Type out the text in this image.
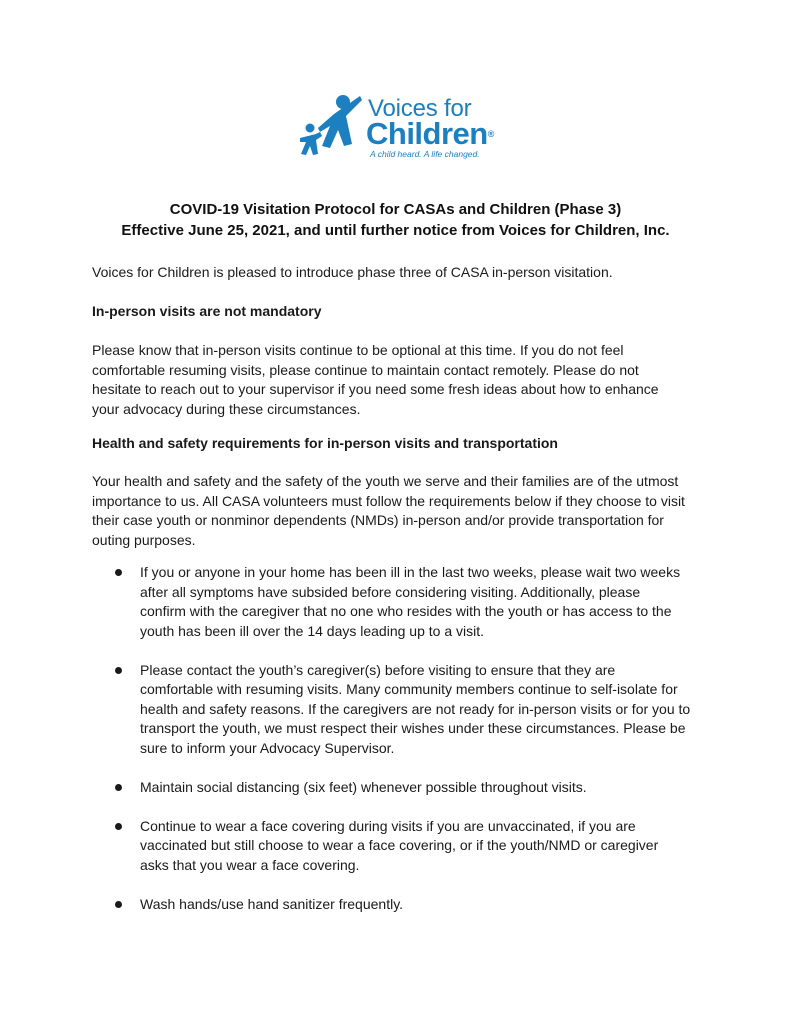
Voices for
Children®
A child heard. A life changed.
COVID-19 Visitation Protocol for CASAs and Children (Phase 3)
Effective June 25, 2021, and until further notice from Voices for Children, Inc.
Voices for Children is pleased to introduce phase three of CASA in-person visitation.
In-person visits are not mandatory
Please know that in-person visits continue to be optional at this time. If you do not feel
comfortable resuming visits, please continue to maintain contact remotely. Please do not
hesitate to reach out to your supervisor if you need some fresh ideas about how to enhance
your advocacy during these circumstances.
Health and safety requirements for in-person visits and transportation
Your health and safety and the safety of the youth we serve and their families are of the utmost
importance to us. All CASA volunteers must follow the requirements below if they choose to visit
their case youth or nonminor dependents (NMDs) in-person and/or provide transportation for
outing purposes.
If you or anyone in your home has been ill in the last two weeks, please wait two weeks
after all symptoms have subsided before considering visiting. Additionally, please
confirm with the caregiver that no one who resides with the youth or has access to the
youth has been ill over the 14 days leading up to a visit.
Please contact the youth’s caregiver(s) before visiting to ensure that they are
comfortable with resuming visits. Many community members continue to self-isolate for
health and safety reasons. If the caregivers are not ready for in-person visits or for you to
transport the youth, we must respect their wishes under these circumstances. Please be
sure to inform your Advocacy Supervisor.
Maintain social distancing (six feet) whenever possible throughout visits.
Continue to wear a face covering during visits if you are unvaccinated, if you are
vaccinated but still choose to wear a face covering, or if the youth/NMD or caregiver
asks that you wear a face covering.
Wash hands/use hand sanitizer frequently.
